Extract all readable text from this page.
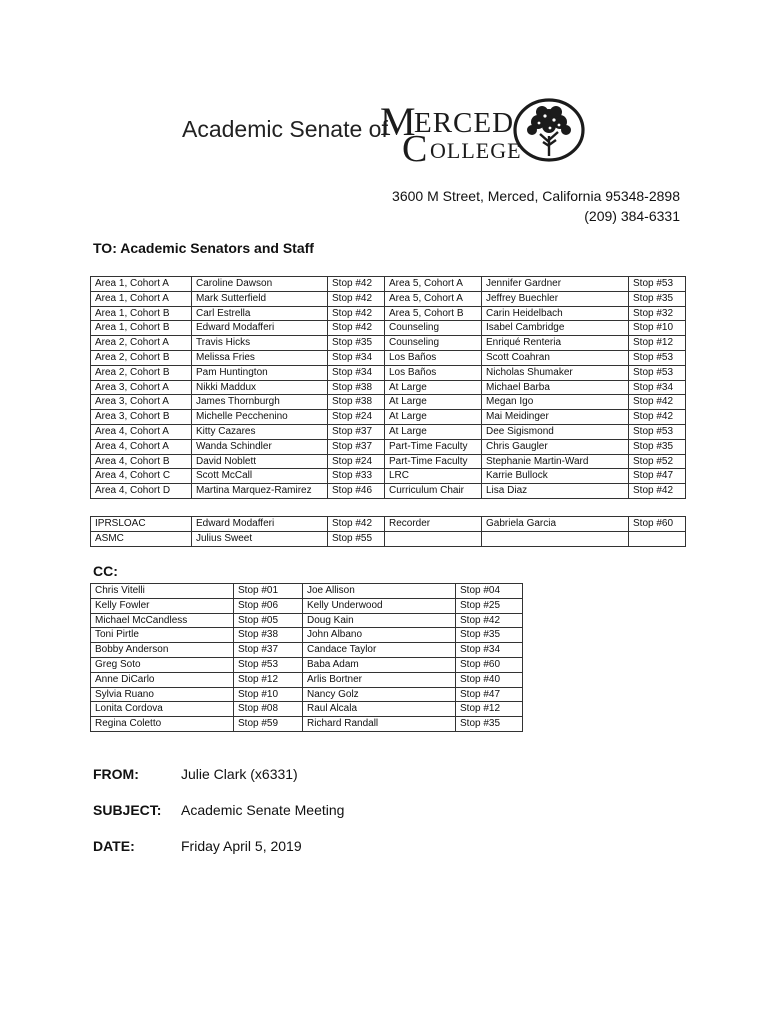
Academic Senate of
M
ERCED
C OLLEGE
3600 M Street, Merced, California 95348-2898
(209) 384-6331
TO: Academic Senators and Staff
Area 1, Cohort A	Caroline Dawson	Stop #42	Area 5, Cohort A	Jennifer Gardner	Stop #53
Area 1, Cohort A	Mark Sutterfield	Stop #42	Area 5, Cohort A	Jeffrey Buechler	Stop #35
Area 1, Cohort B	Carl Estrella	Stop #42	Area 5, Cohort B	Carin Heidelbach	Stop #32
Area 1, Cohort B	Edward Modafferi	Stop #42	Counseling	Isabel Cambridge	Stop #10
Area 2, Cohort A	Travis Hicks	Stop #35	Counseling	Enriqué Renteria	Stop #12
Area 2, Cohort B	Melissa Fries	Stop #34	Los Baños	Scott Coahran	Stop #53
Area 2, Cohort B	Pam Huntington	Stop #34	Los Baños	Nicholas Shumaker	Stop #53
Area 3, Cohort A	Nikki Maddux	Stop #38	At Large	Michael Barba	Stop #34
Area 3, Cohort A	James Thornburgh	Stop #38	At Large	Megan Igo	Stop #42
Area 3, Cohort B	Michelle Pecchenino	Stop #24	At Large	Mai Meidinger	Stop #42
Area 4, Cohort A	Kitty Cazares	Stop #37	At Large	Dee Sigismond	Stop #53
Area 4, Cohort A	Wanda Schindler	Stop #37	Part-Time Faculty	Chris Gaugler	Stop #35
Area 4, Cohort B	David Noblett	Stop #24	Part-Time Faculty	Stephanie Martin-Ward	Stop #52
Area 4, Cohort C	Scott McCall	Stop #33	LRC	Karrie Bullock	Stop #47
Area 4, Cohort D	Martina Marquez-Ramirez	Stop #46	Curriculum Chair	Lisa Diaz	Stop #42
IPRSLOAC	Edward Modafferi	Stop #42	Recorder	Gabriela Garcia	Stop #60
ASMC	Julius Sweet	Stop #55			
CC:
Chris Vitelli	Stop #01	Joe Allison	Stop #04
Kelly Fowler	Stop #06	Kelly Underwood	Stop #25
Michael McCandless	Stop #05	Doug Kain	Stop #42
Toni Pirtle	Stop #38	John Albano	Stop #35
Bobby Anderson	Stop #37	Candace Taylor	Stop #34
Greg Soto	Stop #53	Baba Adam	Stop #60
Anne DiCarlo	Stop #12	Arlis Bortner	Stop #40
Sylvia Ruano	Stop #10	Nancy Golz	Stop #47
Lonita Cordova	Stop #08	Raul Alcala	Stop #12
Regina Coletto	Stop #59	Richard Randall	Stop #35
FROM:	Julie Clark (x6331)
SUBJECT: Academic Senate Meeting
DATE:	Friday April 5, 2019
